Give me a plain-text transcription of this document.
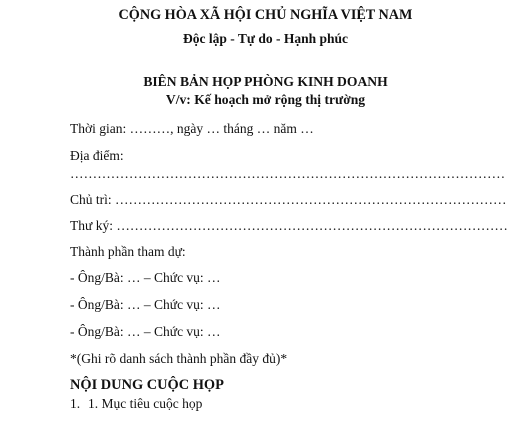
CỘNG HÒA XÃ HỘI CHỦ NGHĨA VIỆT NAM
Độc lập - Tự do - Hạnh phúc
BIÊN BẢN HỌP PHÒNG KINH DOANH
V/v: Kế hoạch mở rộng thị trường
Thời gian: ………, ngày … tháng … năm …
Địa điểm:
……………………………………………………………………………………
Chủ trì: ……………………………………………………………………………
Thư ký: ……………………………………………………………………………
Thành phần tham dự:
- Ông/Bà: … – Chức vụ: …
- Ông/Bà: … – Chức vụ: …
- Ông/Bà: … – Chức vụ: …
*(Ghi rõ danh sách thành phần đầy đủ)*
NỘI DUNG CUỘC HỌP
1. 1. Mục tiêu cuộc họp
